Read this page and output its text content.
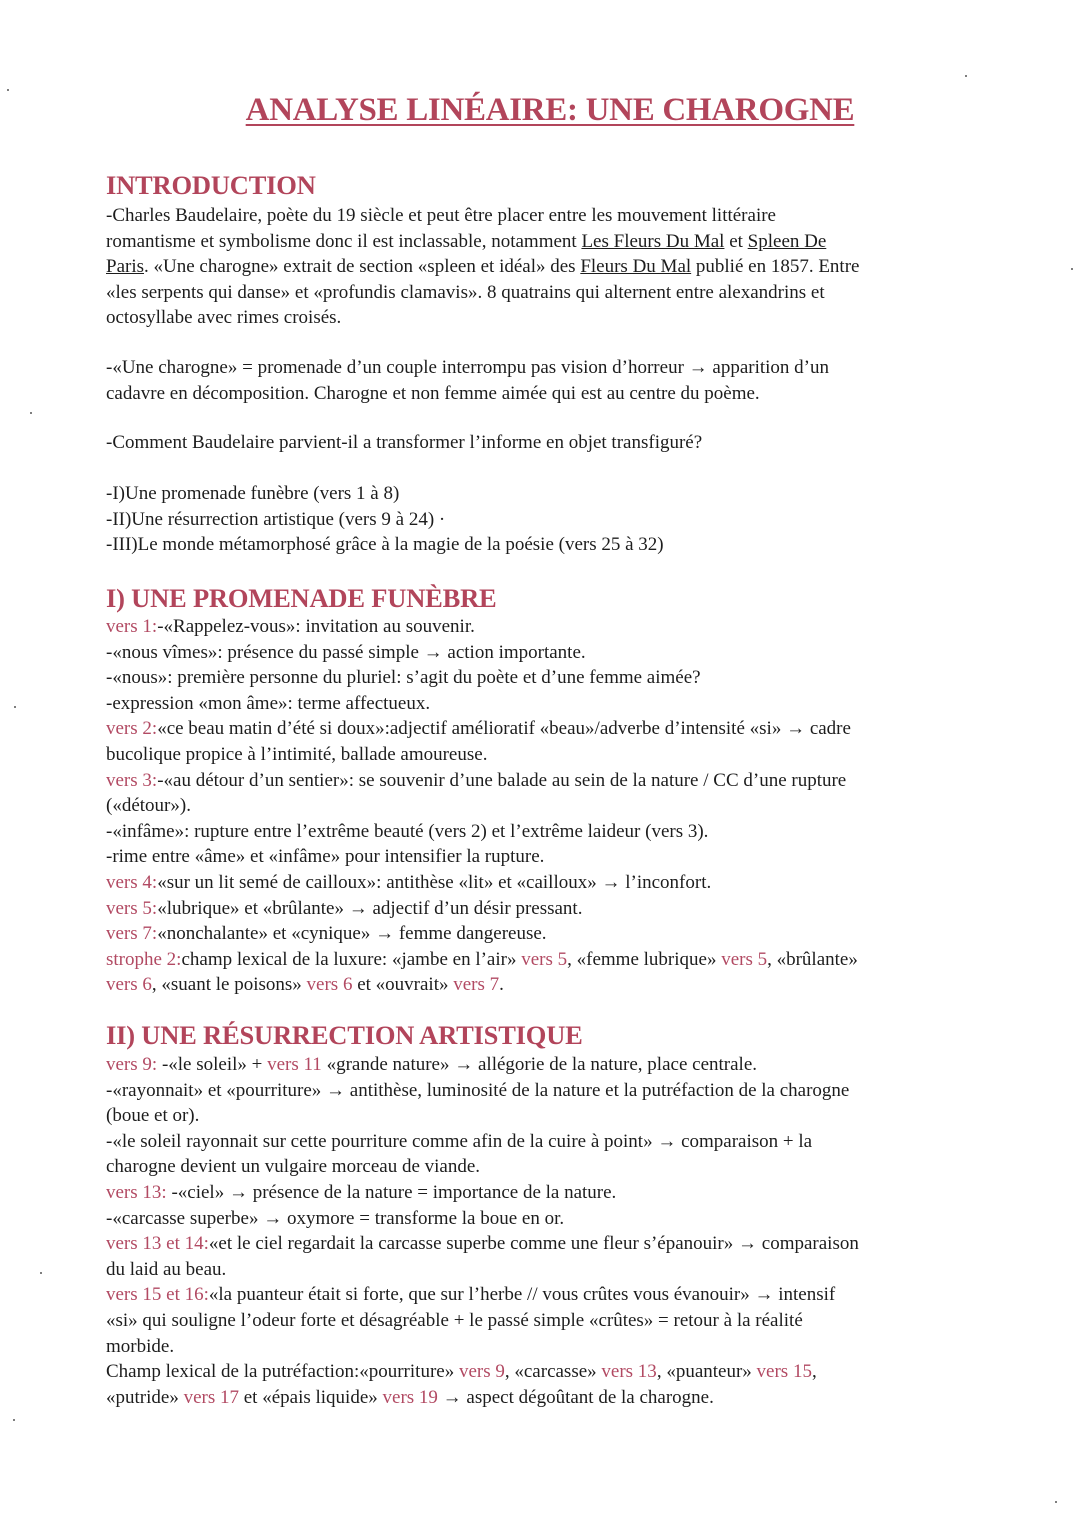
ANALYSE LINÉAIRE: UNE CHAROGNE
INTRODUCTION
-Charles Baudelaire, poète du 19 siècle et peut être placer entre les mouvement littéraire
romantisme et symbolisme donc il est inclassable, notamment Les Fleurs Du Mal et Spleen De
Paris. «Une charogne» extrait de section «spleen et idéal» des Fleurs Du Mal publié en 1857. Entre
«les serpents qui danse» et «profundis clamavis». 8 quatrains qui alternent entre alexandrins et
octosyllabe avec rimes croisés.
-«Une charogne» = promenade d’un couple interrompu pas vision d’horreur → apparition d’un
cadavre en décomposition. Charogne et non femme aimée qui est au centre du poème.
-Comment Baudelaire parvient-il a transformer l’informe en objet transfiguré?
-I)Une promenade funèbre (vers 1 à 8)
-II)Une résurrection artistique (vers 9 à 24) ·
-III)Le monde métamorphosé grâce à la magie de la poésie (vers 25 à 32)
I) UNE PROMENADE FUNÈBRE
vers 1:-«Rappelez-vous»: invitation au souvenir.
-«nous vîmes»: présence du passé simple → action importante.
-«nous»: première personne du pluriel: s’agit du poète et d’une femme aimée?
-expression «mon âme»: terme affectueux.
vers 2:«ce beau matin d’été si doux»:adjectif amélioratif «beau»/adverbe d’intensité «si» → cadre
bucolique propice à l’intimité, ballade amoureuse.
vers 3:-«au détour d’un sentier»: se souvenir d’une balade au sein de la nature / CC d’une rupture
(«détour»).
-«infâme»: rupture entre l’extrême beauté (vers 2) et l’extrême laideur (vers 3).
-rime entre «âme» et «infâme» pour intensifier la rupture.
vers 4:«sur un lit semé de cailloux»: antithèse «lit» et «cailloux» → l’inconfort.
vers 5:«lubrique» et «brûlante» → adjectif d’un désir pressant.
vers 7:«nonchalante» et «cynique» → femme dangereuse.
strophe 2:champ lexical de la luxure: «jambe en l’air» vers 5, «femme lubrique» vers 5, «brûlante»
vers 6, «suant le poisons» vers 6 et «ouvrait» vers 7.
II) UNE RÉSURRECTION ARTISTIQUE
vers 9: -«le soleil» + vers 11 «grande nature» → allégorie de la nature, place centrale.
-«rayonnait» et «pourriture» → antithèse, luminosité de la nature et la putréfaction de la charogne
(boue et or).
-«le soleil rayonnait sur cette pourriture comme afin de la cuire à point» → comparaison + la
charogne devient un vulgaire morceau de viande.
vers 13: -«ciel» → présence de la nature = importance de la nature.
-«carcasse superbe» → oxymore = transforme la boue en or.
vers 13 et 14:«et le ciel regardait la carcasse superbe comme une fleur s’épanouir» → comparaison
du laid au beau.
vers 15 et 16:«la puanteur était si forte, que sur l’herbe // vous crûtes vous évanouir» → intensif
«si» qui souligne l’odeur forte et désagréable + le passé simple «crûtes» = retour à la réalité
morbide.
Champ lexical de la putréfaction:«pourriture» vers 9, «carcasse» vers 13, «puanteur» vers 15,
«putride» vers 17 et «épais liquide» vers 19 → aspect dégoûtant de la charogne.
